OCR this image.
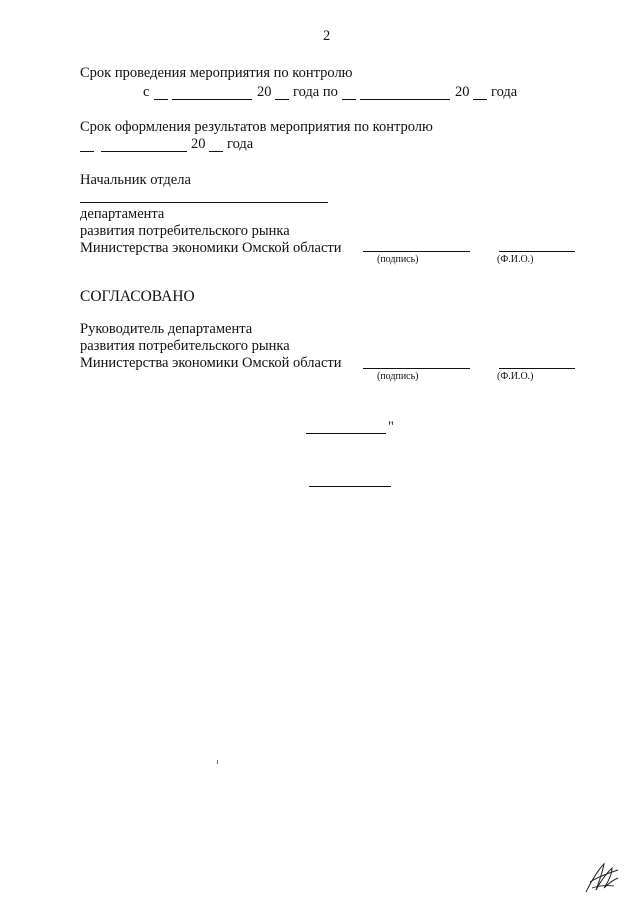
2
Срок проведения мероприятия по контролю
с	20 года по	20 года
Срок оформления результатов мероприятия по контролю
20 года
Начальник отдела
департамента
развития потребительского рынка
Министерства экономики Омской области
(подпись)	(Ф.И.О.)
СОГЛАСОВАНО
Руководитель департамента
развития потребительского рынка
Министерства экономики Омской области
(подпись)	(Ф.И.О.)
"
